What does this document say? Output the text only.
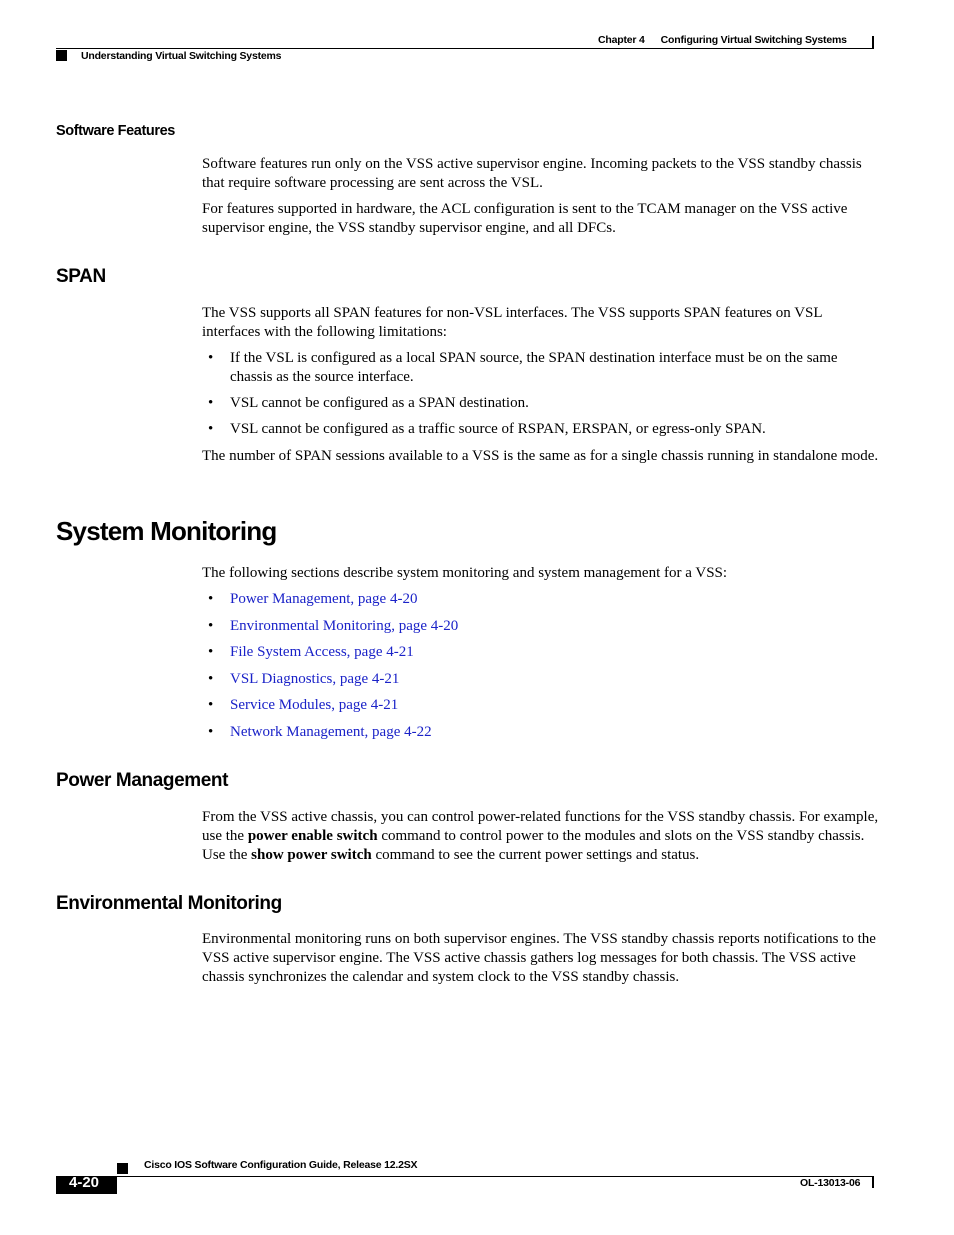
Chapter 4 Configuring Virtual Switching Systems
Understanding Virtual Switching Systems
Software Features

Software features run only on the VSS active supervisor engine. Incoming packets to the VSS standby chassis that require software processing are sent across the VSL.

For features supported in hardware, the ACL configuration is sent to the TCAM manager on the VSS active supervisor engine, the VSS standby supervisor engine, and all DFCs.

SPAN

The VSS supports all SPAN features for non-VSL interfaces. The VSS supports SPAN features on VSL interfaces with the following limitations:

• If the VSL is configured as a local SPAN source, the SPAN destination interface must be on the same chassis as the source interface.
• VSL cannot be configured as a SPAN destination.
• VSL cannot be configured as a traffic source of RSPAN, ERSPAN, or egress-only SPAN.

The number of SPAN sessions available to a VSS is the same as for a single chassis running in standalone mode.

System Monitoring

The following sections describe system monitoring and system management for a VSS:

• Power Management, page 4-20
• Environmental Monitoring, page 4-20
• File System Access, page 4-21
• VSL Diagnostics, page 4-21
• Service Modules, page 4-21
• Network Management, page 4-22
Power Management

From the VSS active chassis, you can control power-related functions for the VSS standby chassis. For example, use the power enable switch command to control power to the modules and slots on the VSS standby chassis. Use the show power switch command to see the current power settings and status.

Environmental Monitoring

Environmental monitoring runs on both supervisor engines. The VSS standby chassis reports notifications to the VSS active supervisor engine. The VSS active chassis gathers log messages for both chassis. The VSS active chassis synchronizes the calendar and system clock to the VSS standby chassis.

Cisco IOS Software Configuration Guide, Release 12.2SX
4-20	OL-13013-06
